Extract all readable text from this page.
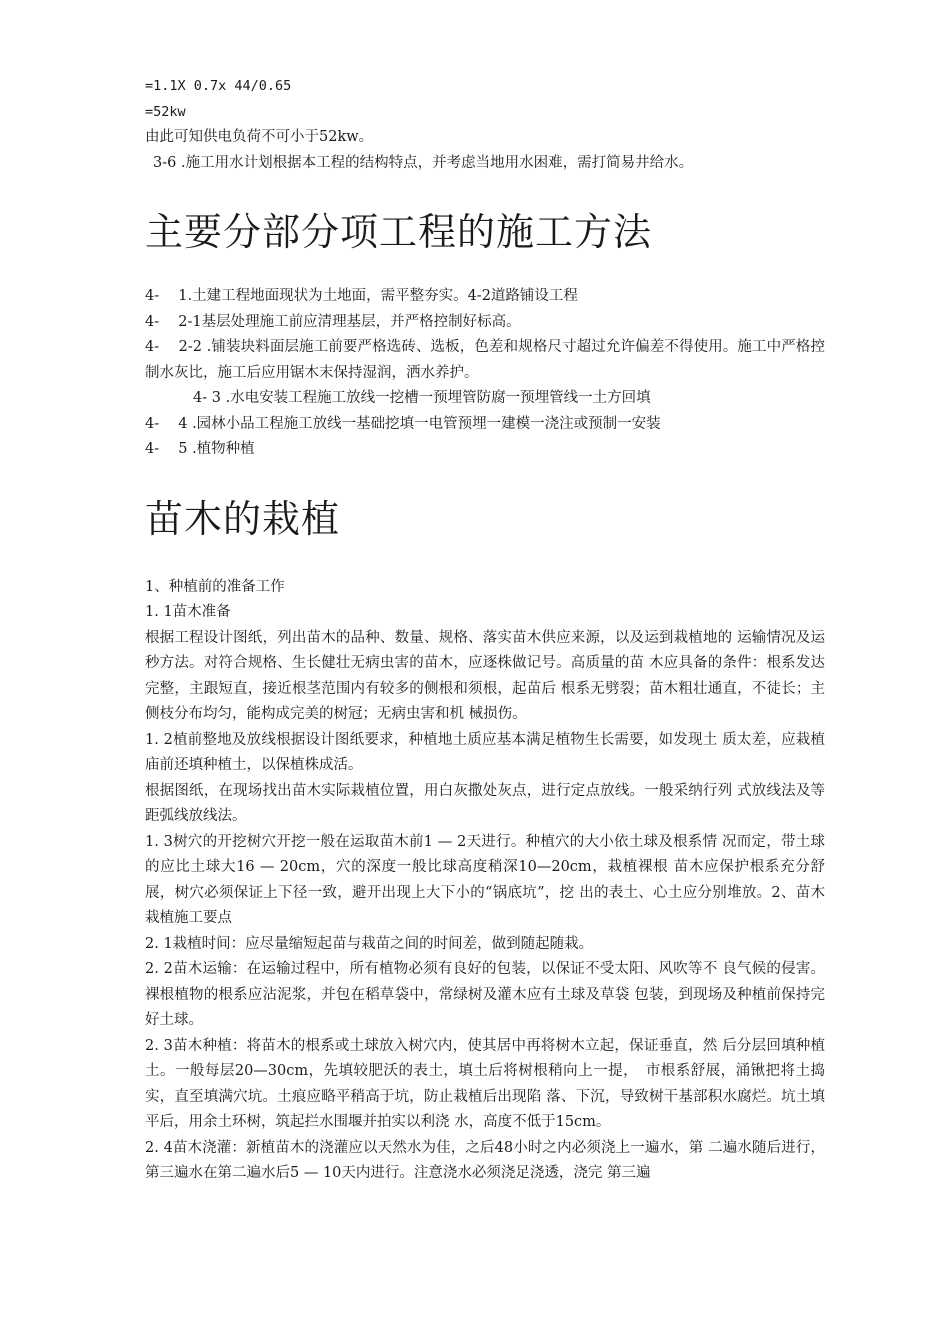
=1.1X 0.7x 44/0.65

=52kw

由此可知供电负荷不可小于52kw。

3-6 .施工用水计划根据本工程的结构特点，并考虑当地用水困难，需打简易井给水。

主要分部分项工程的施工方法

4-　 1.土建工程地面现状为土地面，需平整夯实。4-2道路铺设工程

4-　 2-1基层处理施工前应清理基层，并严格控制好标高。

4-　 2-2 .铺装块料面层施工前要严格选砖、选板，色差和规格尺寸超过允许偏差不得使用。施工中严格控制水灰比，施工后应用锯木末保持湿润，洒水养护。

4- 3 .水电安装工程施工放线一挖槽一预埋管防腐一预埋管线一土方回填

4-　 4 .园林小品工程施工放线一基础挖填一电管预埋一建模一浇注或预制一安装

4-　 5 .植物种植

苗木的栽植

1、种植前的准备工作

1. 1苗木准备

根据工程设计图纸，列出苗木的品种、数量、规格、落实苗木供应来源，以及运到栽植地的 运输情况及运秒方法。对符合规格、生长健壮无病虫害的苗木，应逐株做记号。高质量的苗 木应具备的条件：根系发达完整，主跟短直，接近根茎范围内有较多的侧根和须根，起苗后 根系无劈裂；苗木粗壮通直，不徒长；主侧枝分布均匀，能构成完美的树冠；无病虫害和机 械损伤。

1. 2植前整地及放线根据设计图纸要求，种植地土质应基本满足植物生长需要，如发现土 质太差，应栽植庙前还填种植土，以保植株成活。

根据图纸，在现场找出苗木实际栽植位置，用白灰撒处灰点，进行定点放线。一般采纳行列 式放线法及等距弧线放线法。

1. 3树穴的开挖树穴开挖一般在运取苗木前1 — 2天进行。种植穴的大小依土球及根系情 况而定，带土球的应比土球大16 — 20cm，穴的深度一般比球高度稍深10—20cm，栽植裸根 苗木应保护根系充分舒展，树穴必须保证上下径一致，避开出现上大下小的“锅底坑”，挖 出的表土、心土应分别堆放。2、苗木栽植施工要点

2. 1栽植时间：应尽量缩短起苗与栽苗之间的时间差，做到随起随栽。

2. 2苗木运输：在运输过程中，所有植物必须有良好的包装，以保证不受太阳、风吹等不 良气候的侵害。裸根植物的根系应沾泥浆，并包在稻草袋中，常绿树及灌木应有土球及草袋 包装，到现场及种植前保持完好土球。

2. 3苗木种植：将苗木的根系或土球放入树穴内，使其居中再将树木立起，保证垂直，然 后分层回填种植土。一般每层20—30cm，先填较肥沃的表土，填土后将树根稍向上一提，　市根系舒展，涌锹把将土捣实，直至填满穴坑。土痕应略平稍高于坑，防止栽植后出现陷 落、下沉，导致树干基部积水腐烂。坑土填平后，用余土环树，筑起拦水围堰并拍实以利浇 水，高度不低于15cm。

2. 4苗木浇灌：新植苗木的浇灌应以天然水为佳，之后48小时之内必须浇上一遍水，第 二遍水随后进行，第三遍水在第二遍水后5 — 10天内进行。注意浇水必须浇足浇透，浇完 第三遍
